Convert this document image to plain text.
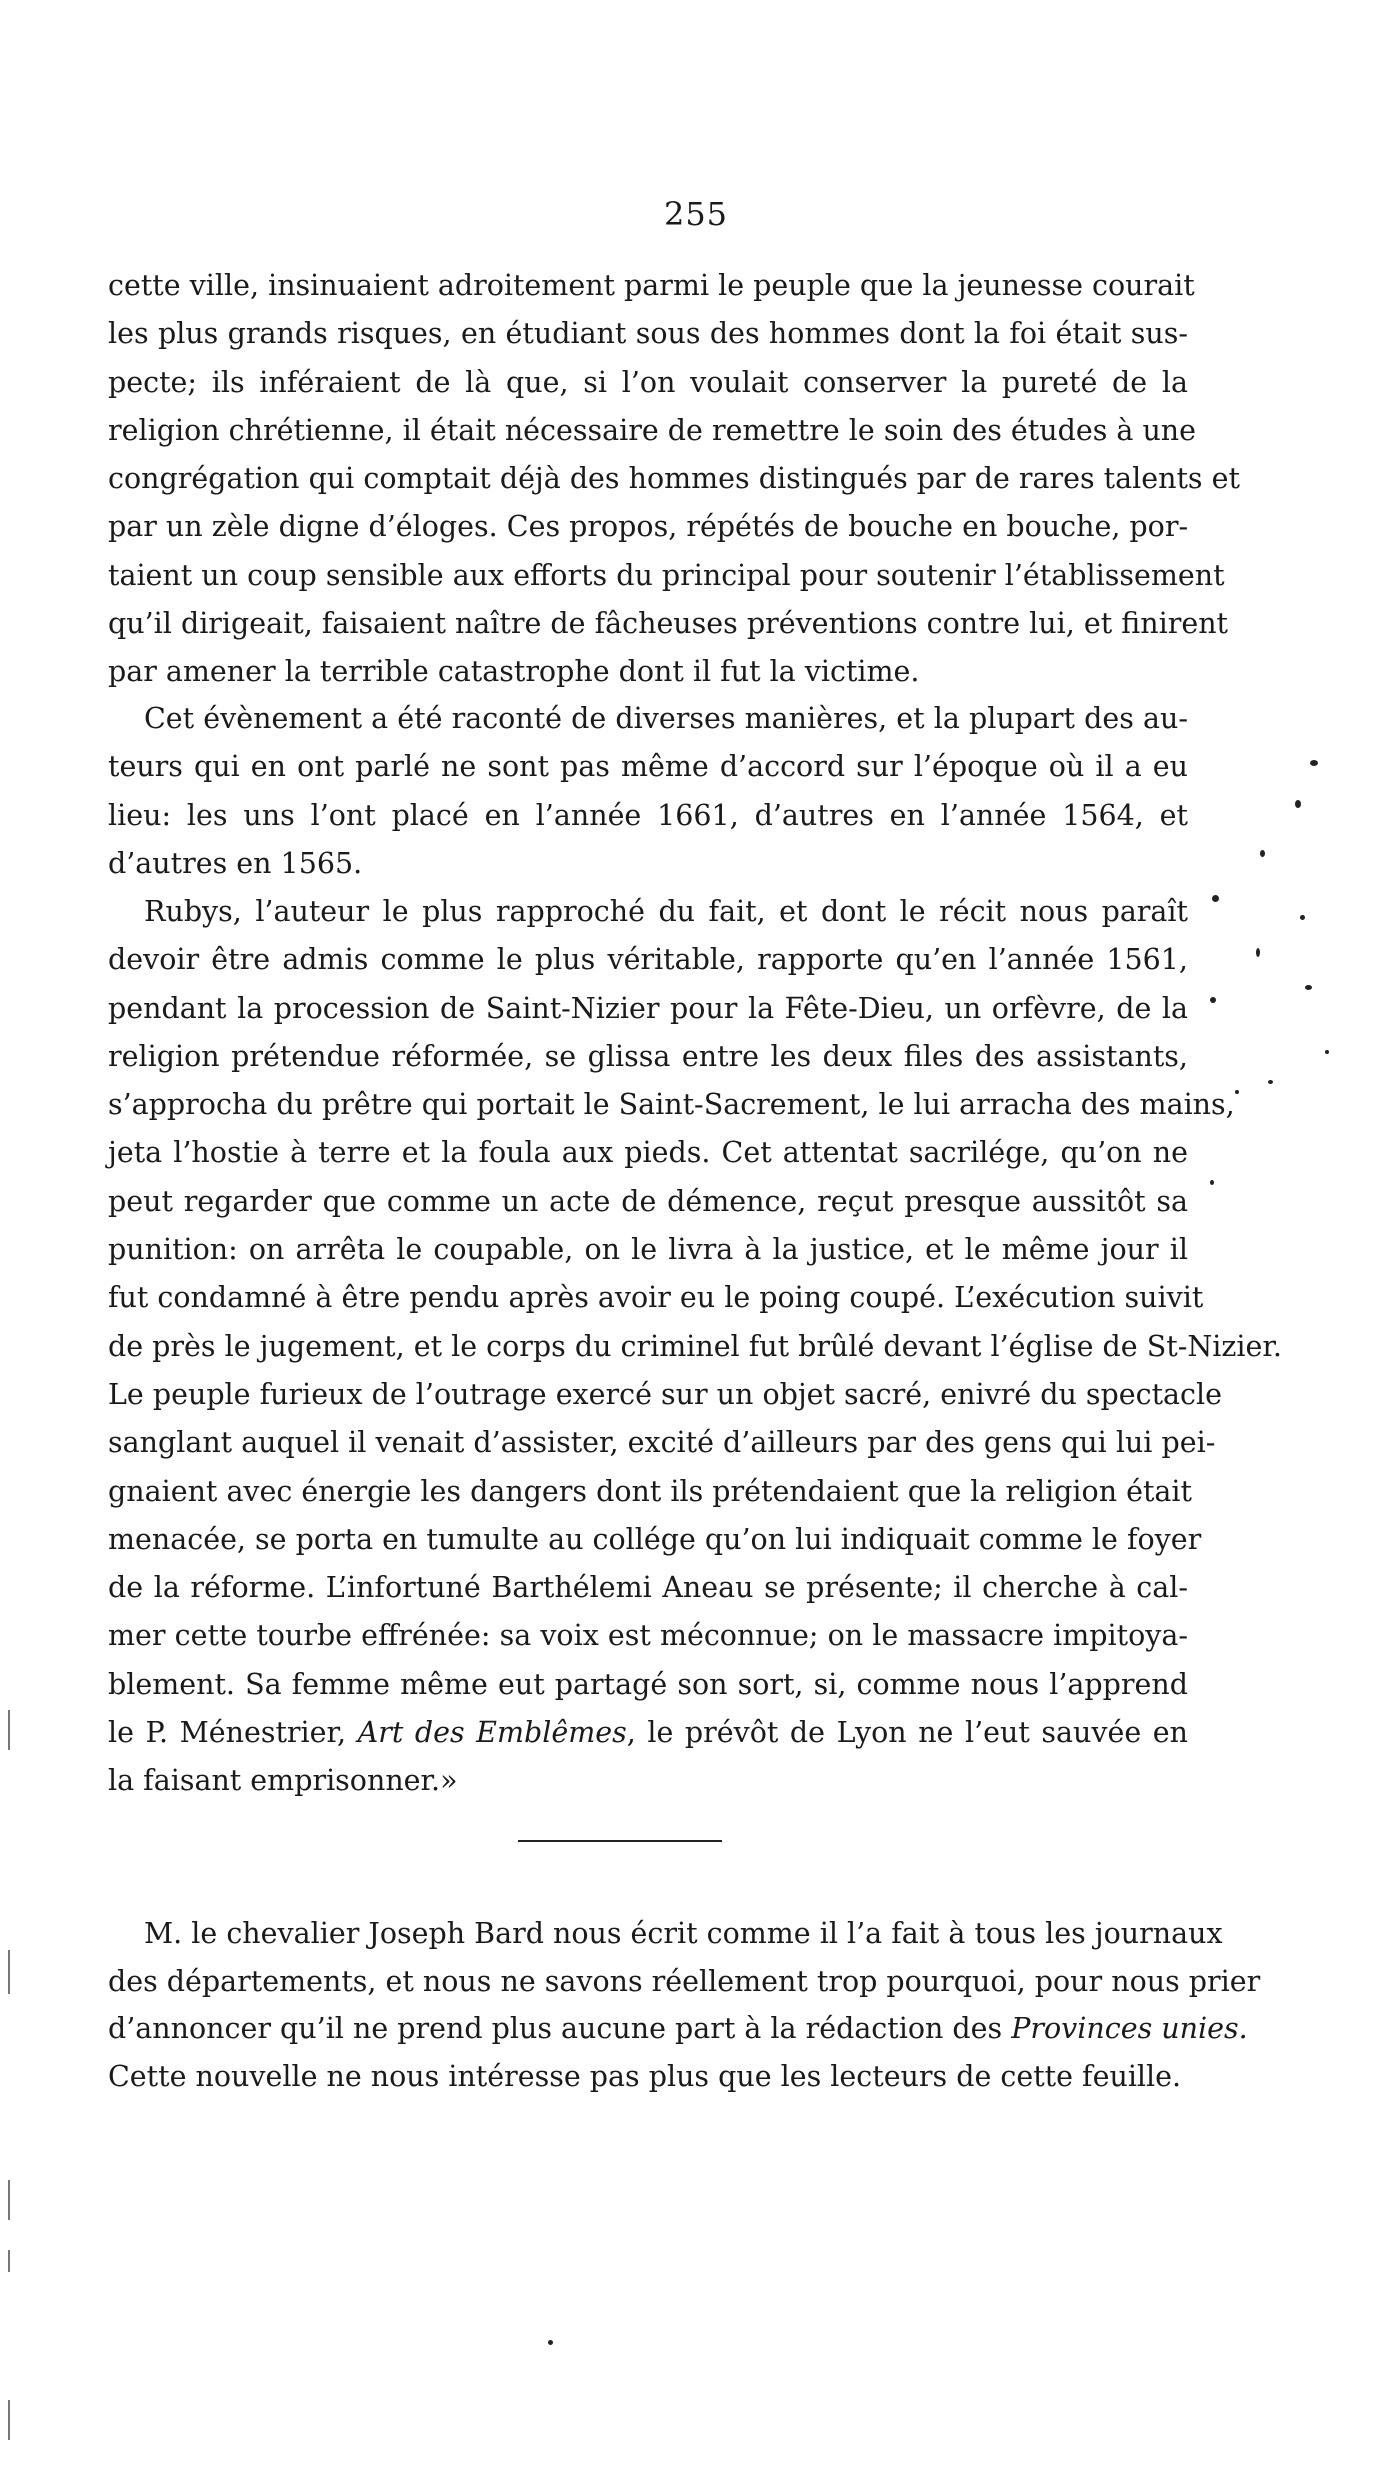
255
cette ville, insinuaient adroitement parmi le peuple que la jeunesse courait
les plus grands risques, en étudiant sous des hommes dont la foi était sus-
pecte; ils inféraient de là que, si l’on voulait conserver la pureté de la
religion chrétienne, il était nécessaire de remettre le soin des études à une
congrégation qui comptait déjà des hommes distingués par de rares talents et
par un zèle digne d’éloges. Ces propos, répétés de bouche en bouche, por-
taient un coup sensible aux efforts du principal pour soutenir l’établissement
qu’il dirigeait, faisaient naître de fâcheuses préventions contre lui, et finirent
par amener la terrible catastrophe dont il fut la victime.
Cet évènement a été raconté de diverses manières, et la plupart des au-
teurs qui en ont parlé ne sont pas même d’accord sur l’époque où il a eu
lieu: les uns l’ont placé en l’année 1661, d’autres en l’année 1564, et
d’autres en 1565.
Rubys, l’auteur le plus rapproché du fait, et dont le récit nous paraît
devoir être admis comme le plus véritable, rapporte qu’en l’année 1561,
pendant la procession de Saint-Nizier pour la Fête-Dieu, un orfèvre, de la
religion prétendue réformée, se glissa entre les deux files des assistants,
s’approcha du prêtre qui portait le Saint-Sacrement, le lui arracha des mains,
jeta l’hostie à terre et la foula aux pieds. Cet attentat sacrilége, qu’on ne
peut regarder que comme un acte de démence, reçut presque aussitôt sa
punition: on arrêta le coupable, on le livra à la justice, et le même jour il
fut condamné à être pendu après avoir eu le poing coupé. L’exécution suivit
de près le jugement, et le corps du criminel fut brûlé devant l’église de St-Nizier.
Le peuple furieux de l’outrage exercé sur un objet sacré, enivré du spectacle
sanglant auquel il venait d’assister, excité d’ailleurs par des gens qui lui pei-
gnaient avec énergie les dangers dont ils prétendaient que la religion était
menacée, se porta en tumulte au collége qu’on lui indiquait comme le foyer
de la réforme. L’infortuné Barthélemi Aneau se présente; il cherche à cal-
mer cette tourbe effrénée: sa voix est méconnue; on le massacre impitoya-
blement. Sa femme même eut partagé son sort, si, comme nous l’apprend
le P. Ménestrier, Art des Emblêmes, le prévôt de Lyon ne l’eut sauvée en
la faisant emprisonner.»
M. le chevalier Joseph Bard nous écrit comme il l’a fait à tous les journaux
des départements, et nous ne savons réellement trop pourquoi, pour nous prier
d’annoncer qu’il ne prend plus aucune part à la rédaction des Provinces unies.
Cette nouvelle ne nous intéresse pas plus que les lecteurs de cette feuille.
